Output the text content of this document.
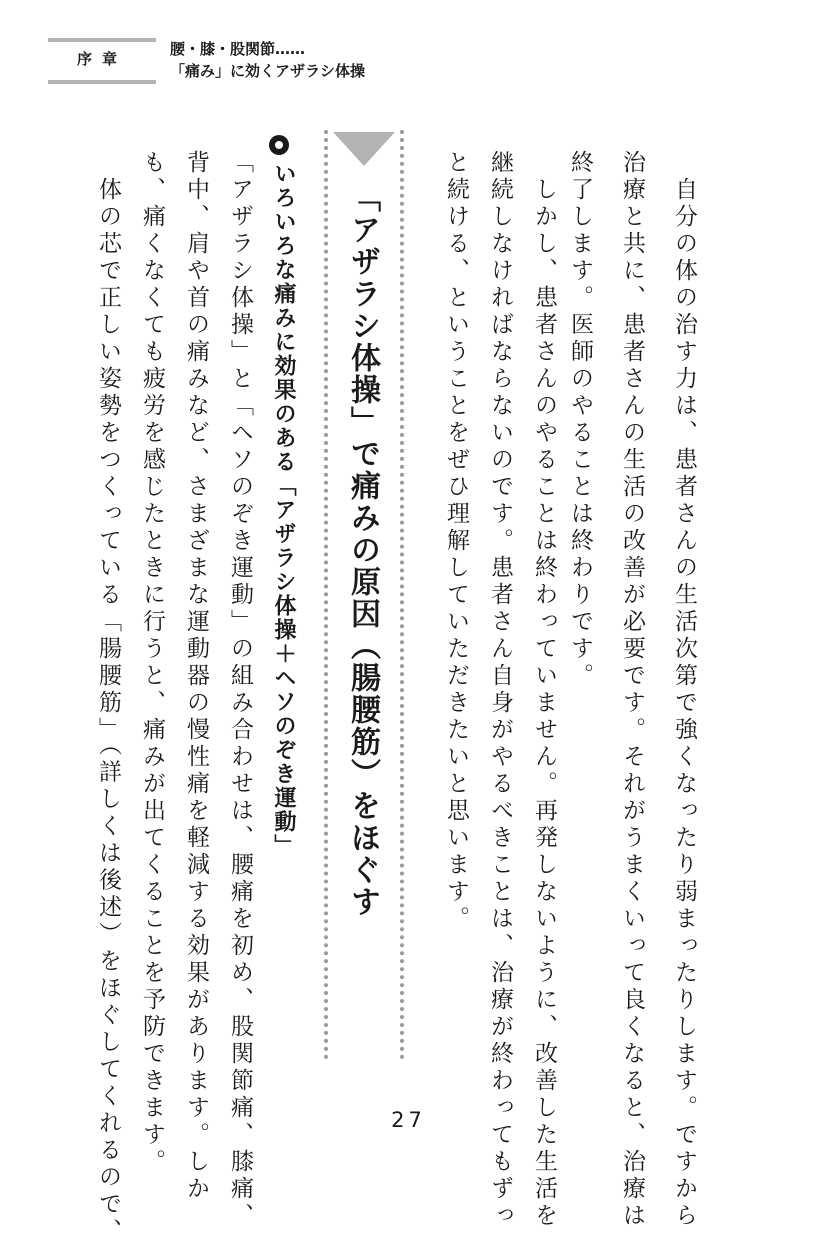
序章
腰・膝・股関節……
「痛み」に効くアザラシ体操
　自分の体の治す力は、患者さんの生活次第で強くなったり弱まったりします。ですから
治療と共に、患者さんの生活の改善が必要です。それがうまくいって良くなると、治療は
終了します。医師のやることは終わりです。
　しかし、患者さんのやることは終わっていません。再発しないように、改善した生活を
継続しなければならないのです。患者さん自身がやるべきことは、治療が終わってもずっ
と続ける、ということをぜひ理解していただきたいと思います。
「アザラシ体操」で痛みの原因（腸腰筋）をほぐす
いろいろな痛みに効果のある「アザラシ体操＋ヘソのぞき運動」
「アザラシ体操」と「ヘソのぞき運動」の組み合わせは、腰痛を初め、股関節痛、膝痛、
背中、肩や首の痛みなど、さまざまな運動器の慢性痛を軽減する効果があります。しか
も、痛くなくても疲労を感じたときに行うと、痛みが出てくることを予防できます。
　体の芯で正しい姿勢をつくっている「腸腰筋」（詳しくは後述）をほぐしてくれるので、	27
